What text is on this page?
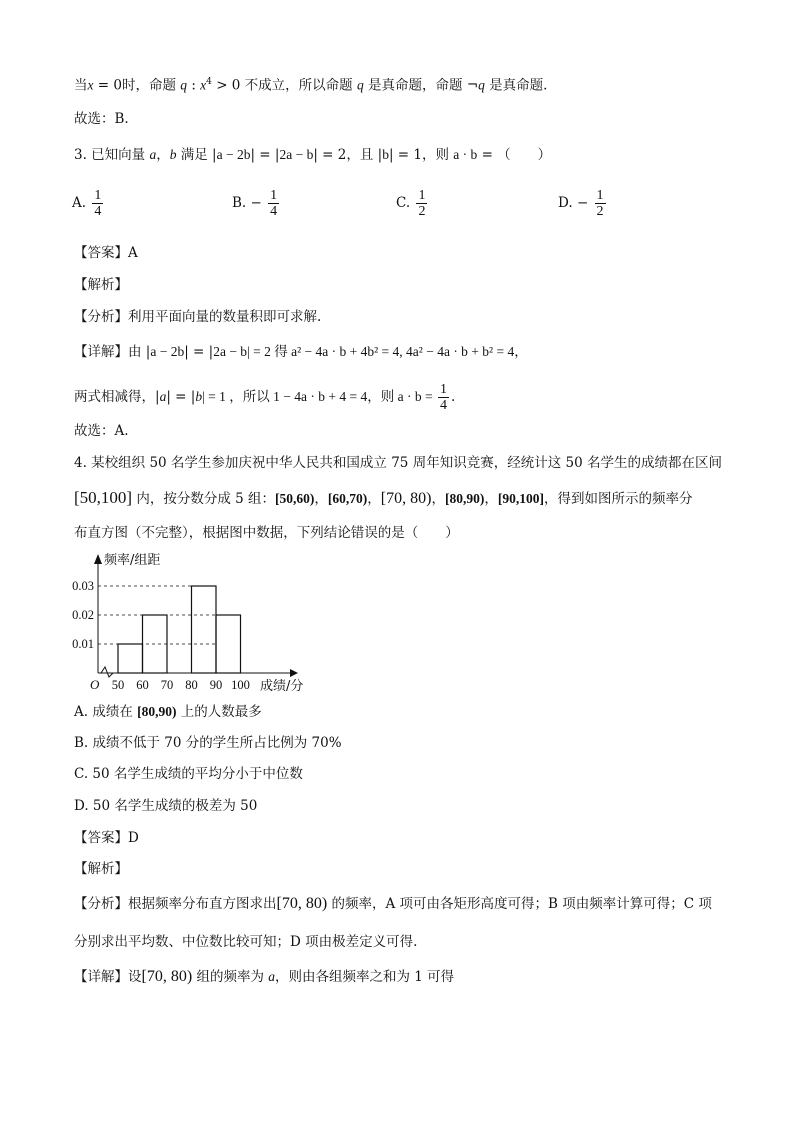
当x = 0时，命题 q : $x^4 > 0$ 不成立，所以命题 q 是真命题，命题 ¬q 是真命题.
故选：B.
3. 已知向量 a，b 满足 |a − 2b| = |2a − b| = 2，且 |b| = 1，则 a · b = （　　）
A. $\frac{1}{4}$	B. − $\frac{1}{4}$	C. $\frac{1}{2}$	D. − $\frac{1}{2}$
【答案】A
【解析】
【分析】利用平面向量的数量积即可求解.
【详解】由 |a − 2b| = |2a − b| = 2 得 a² − 4a · b + 4b² = 4, 4a² − 4a · b + b² = 4，
两式相减得，|a| = |b| = 1 ，所以 1 − 4a · b + 4 = 4，则 $a \cdot b = \frac{1}{4}$ .
故选：A.
4. 某校组织 50 名学生参加庆祝中华人民共和国成立 75 周年知识竞赛，经统计这 50 名学生的成绩都在区间
[50,100] 内，按分数分成 5 组：[50,60)，[60,70)，[70, 80)，[80,90)，[90,100]，得到如图所示的频率分
布直方图（不完整），根据图中数据，下列结论错误的是（　　）
频率/组距
成绩/分
O 50 60 70 80 90 100
0.01
0.02
0.03
A. 成绩在 [80,90) 上的人数最多
B. 成绩不低于 70 分的学生所占比例为 70%
C. 50 名学生成绩的平均分小于中位数
D. 50 名学生成绩的极差为 50
【答案】D
【解析】
【分析】根据频率分布直方图求出[70, 80) 的频率，A 项可由各矩形高度可得；B 项由频率计算可得；C 项
分别求出平均数、中位数比较可知；D 项由极差定义可得.
【详解】设[70, 80) 组的频率为 a，则由各组频率之和为 1 可得
